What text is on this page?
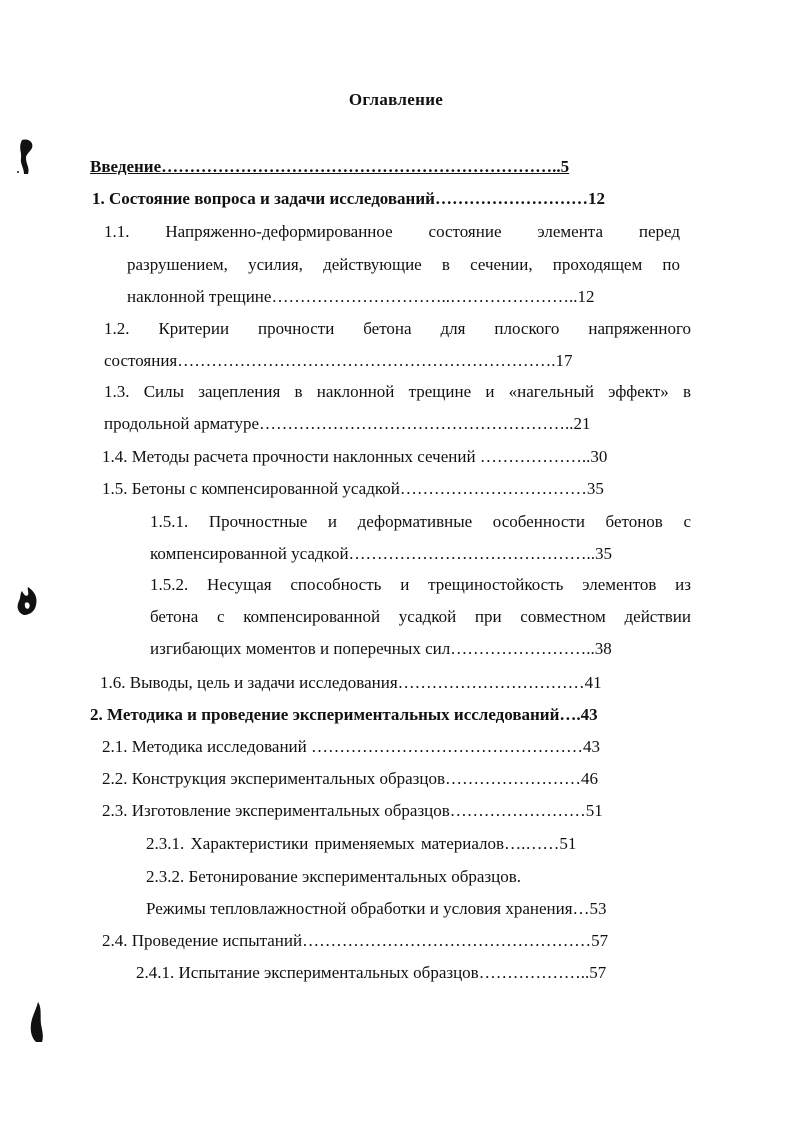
Оглавление
Введение……………………………………………………………..5
1. Состояние вопроса и задачи исследований………………………12
1.1. Напряженно-деформированное состояние элемента перед
разрушением, усилия, действующие в сечении, проходящем по
наклонной трещине…………………………..…………………..12
1.2. Критерии прочности бетона для плоского напряженного
состояния………………………………………………………….17
1.3. Силы зацепления в наклонной трещине и «нагельный эффект» в
продольной арматуре………………………………………………..21
1.4. Методы расчета прочности наклонных сечений ………………..30
1.5. Бетоны с компенсированной усадкой……………………………35
1.5.1. Прочностные и деформативные особенности бетонов с
компенсированной усадкой……………………………………..35
1.5.2. Несущая способность и трещиностойкость элементов из
бетона с компенсированной усадкой при совместном действии
изгибающих моментов и поперечных сил……………………..38
1.6. Выводы, цель и задачи исследования……………………………41
2. Методика и проведение экспериментальных исследований….43
2.1. Методика исследований …………………………………………43
2.2. Конструкция экспериментальных образцов……………………46
2.3. Изготовление экспериментальных образцов……………………51
2.3.1. Характеристики применяемых материалов….……51
2.3.2. Бетонирование экспериментальных образцов.
Режимы тепловлажностной обработки и условия хранения…53
2.4. Проведение испытаний……………………………………………57
2.4.1. Испытание экспериментальных образцов………………..57
